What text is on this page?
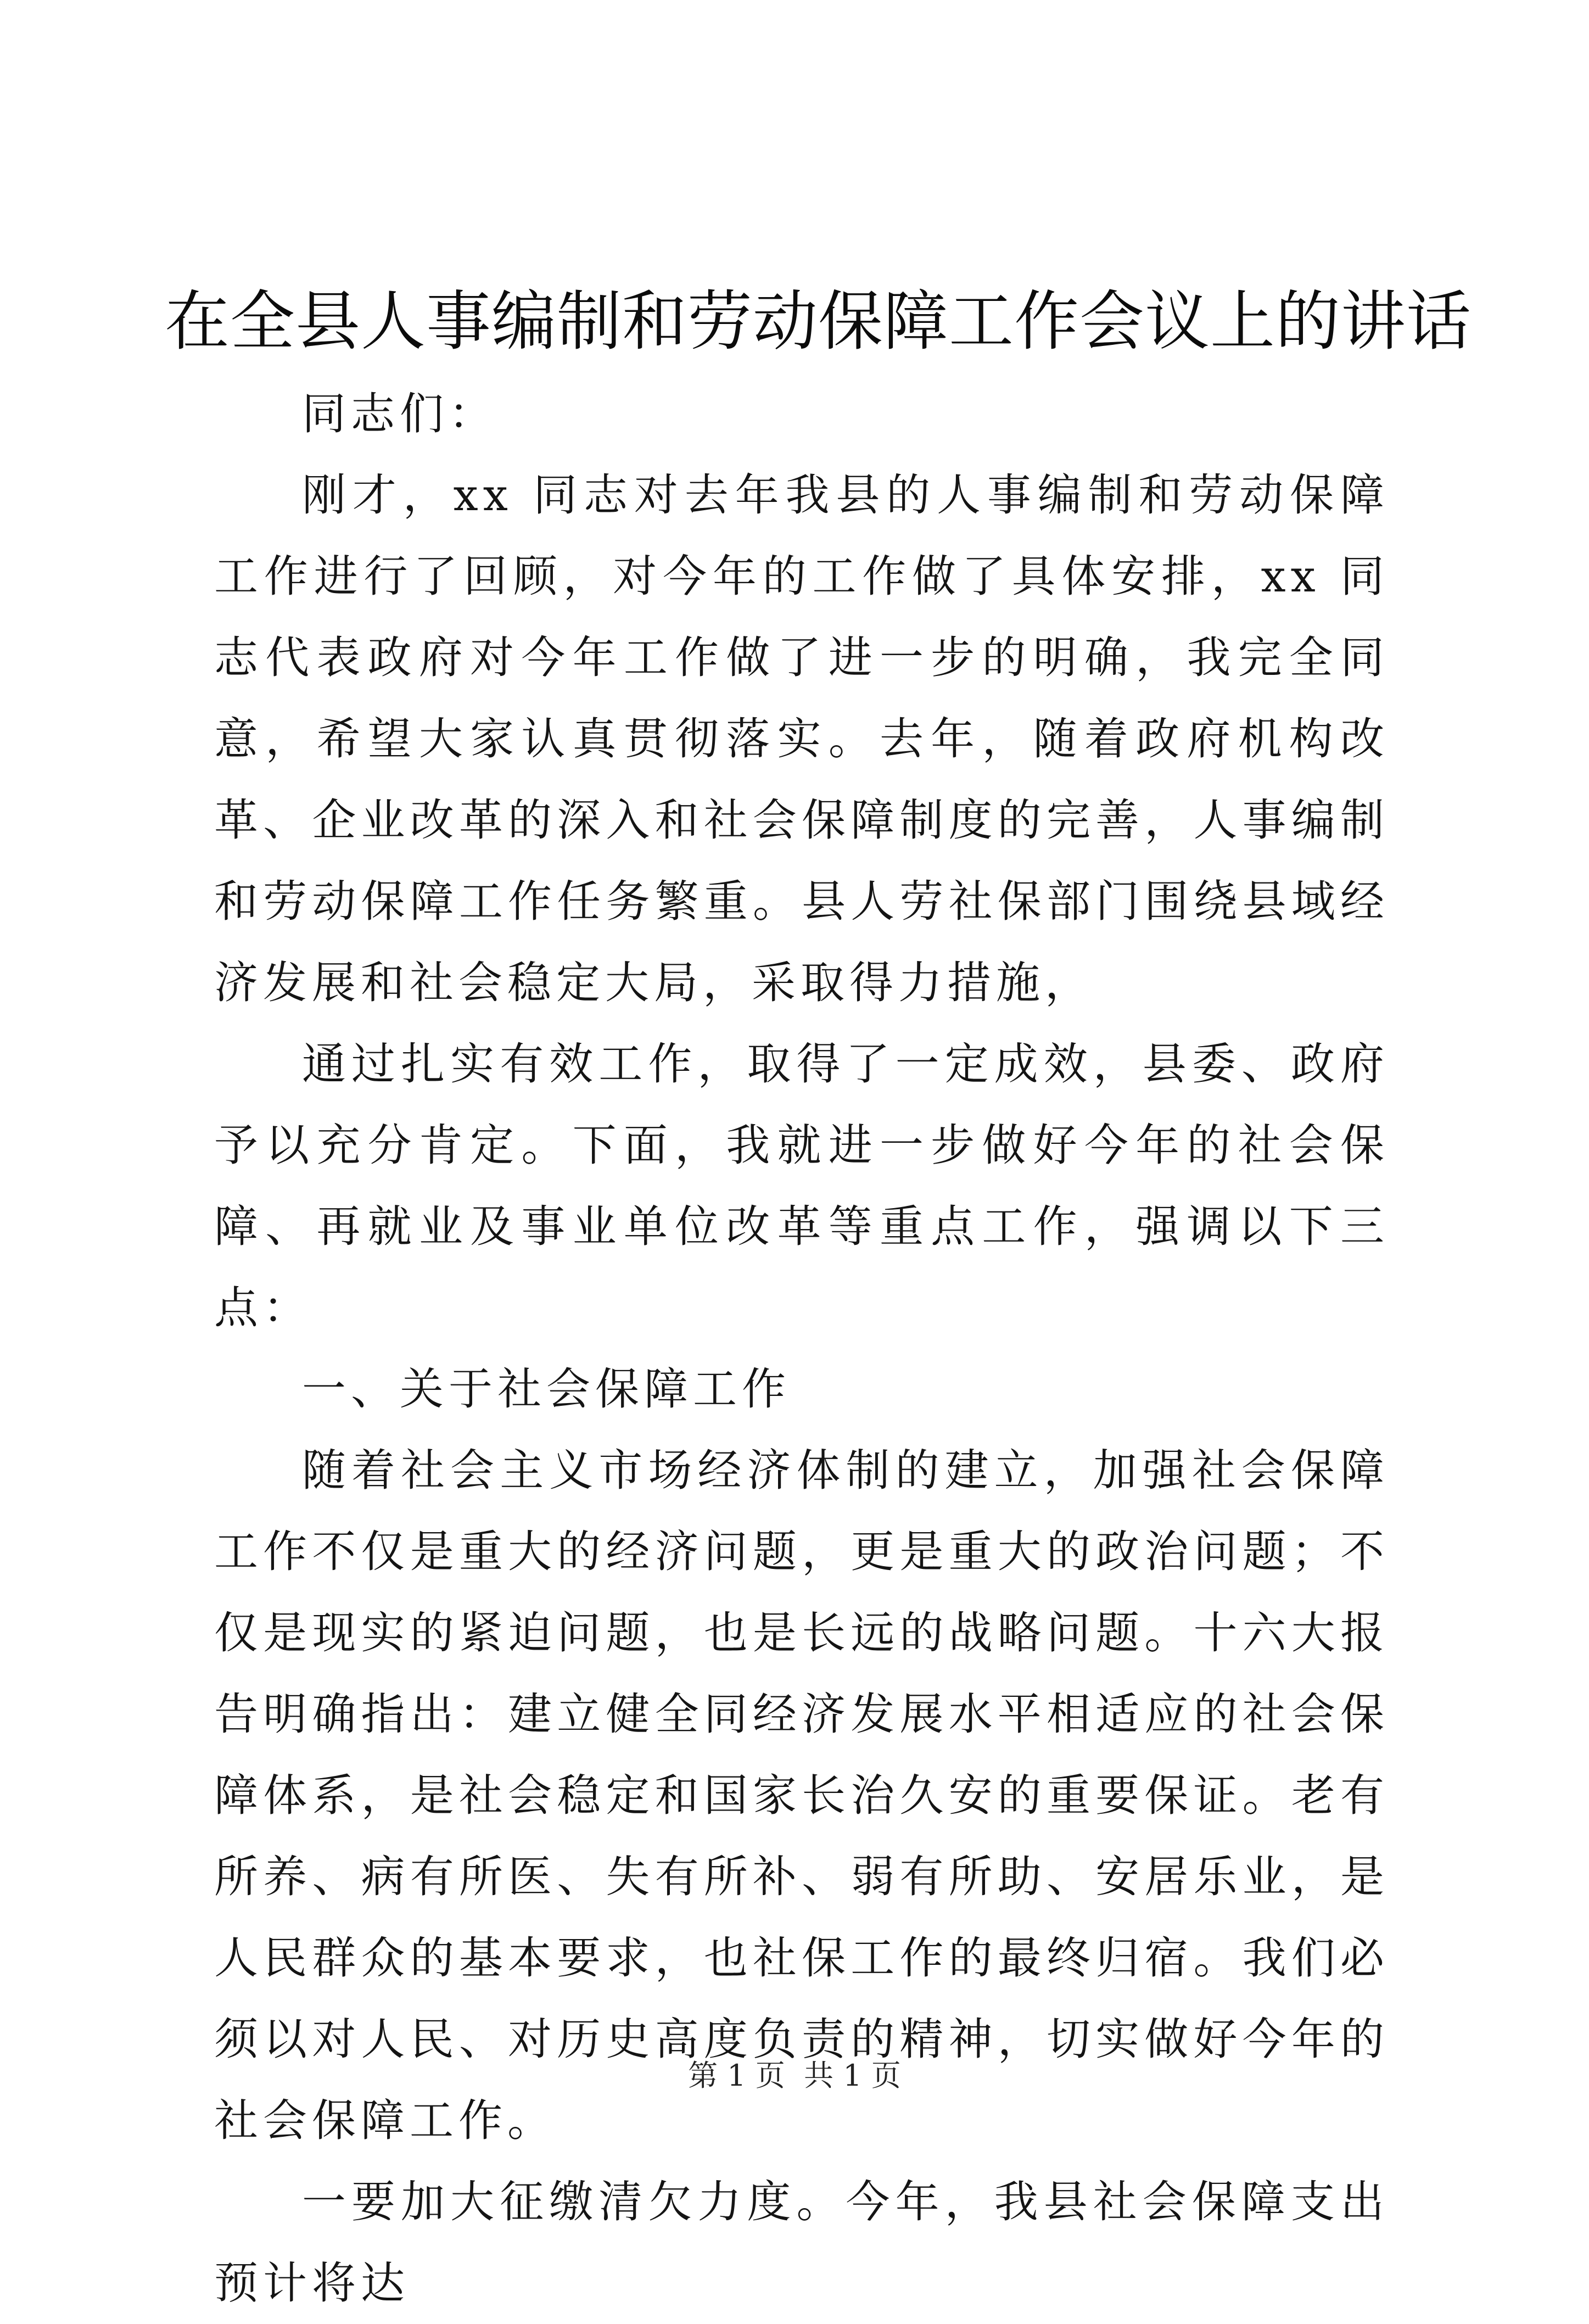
在全县人事编制和劳动保障工作会议上的讲话

同志们：

刚才，xx 同志对去年我县的人事编制和劳动保障工作进行了回顾，对今年的工作做了具体安排，xx 同志代表政府对今年工作做了进一步的明确，我完全同意，希望大家认真贯彻落实。去年，随着政府机构改革、企业改革的深入和社会保障制度的完善，人事编制和劳动保障工作任务繁重。县人劳社保部门围绕县域经济发展和社会稳定大局，采取得力措施，

通过扎实有效工作，取得了一定成效，县委、政府予以充分肯定。下面，我就进一步做好今年的社会保障、再就业及事业单位改革等重点工作，强调以下三点：

一、关于社会保障工作

随着社会主义市场经济体制的建立，加强社会保障工作不仅是重大的经济问题，更是重大的政治问题；不仅是现实的紧迫问题，也是长远的战略问题。十六大报告明确指出：建立健全同经济发展水平相适应的社会保障体系，是社会稳定和国家长治久安的重要保证。老有所养、病有所医、失有所补、弱有所助、安居乐业，是人民群众的基本要求，也社保工作的最终归宿。我们必须以对人民、对历史高度负责的精神，切实做好今年的社会保障工作。

一要加大征缴清欠力度。今年，我县社会保障支出预计将达

第 1 页  共 1 页
